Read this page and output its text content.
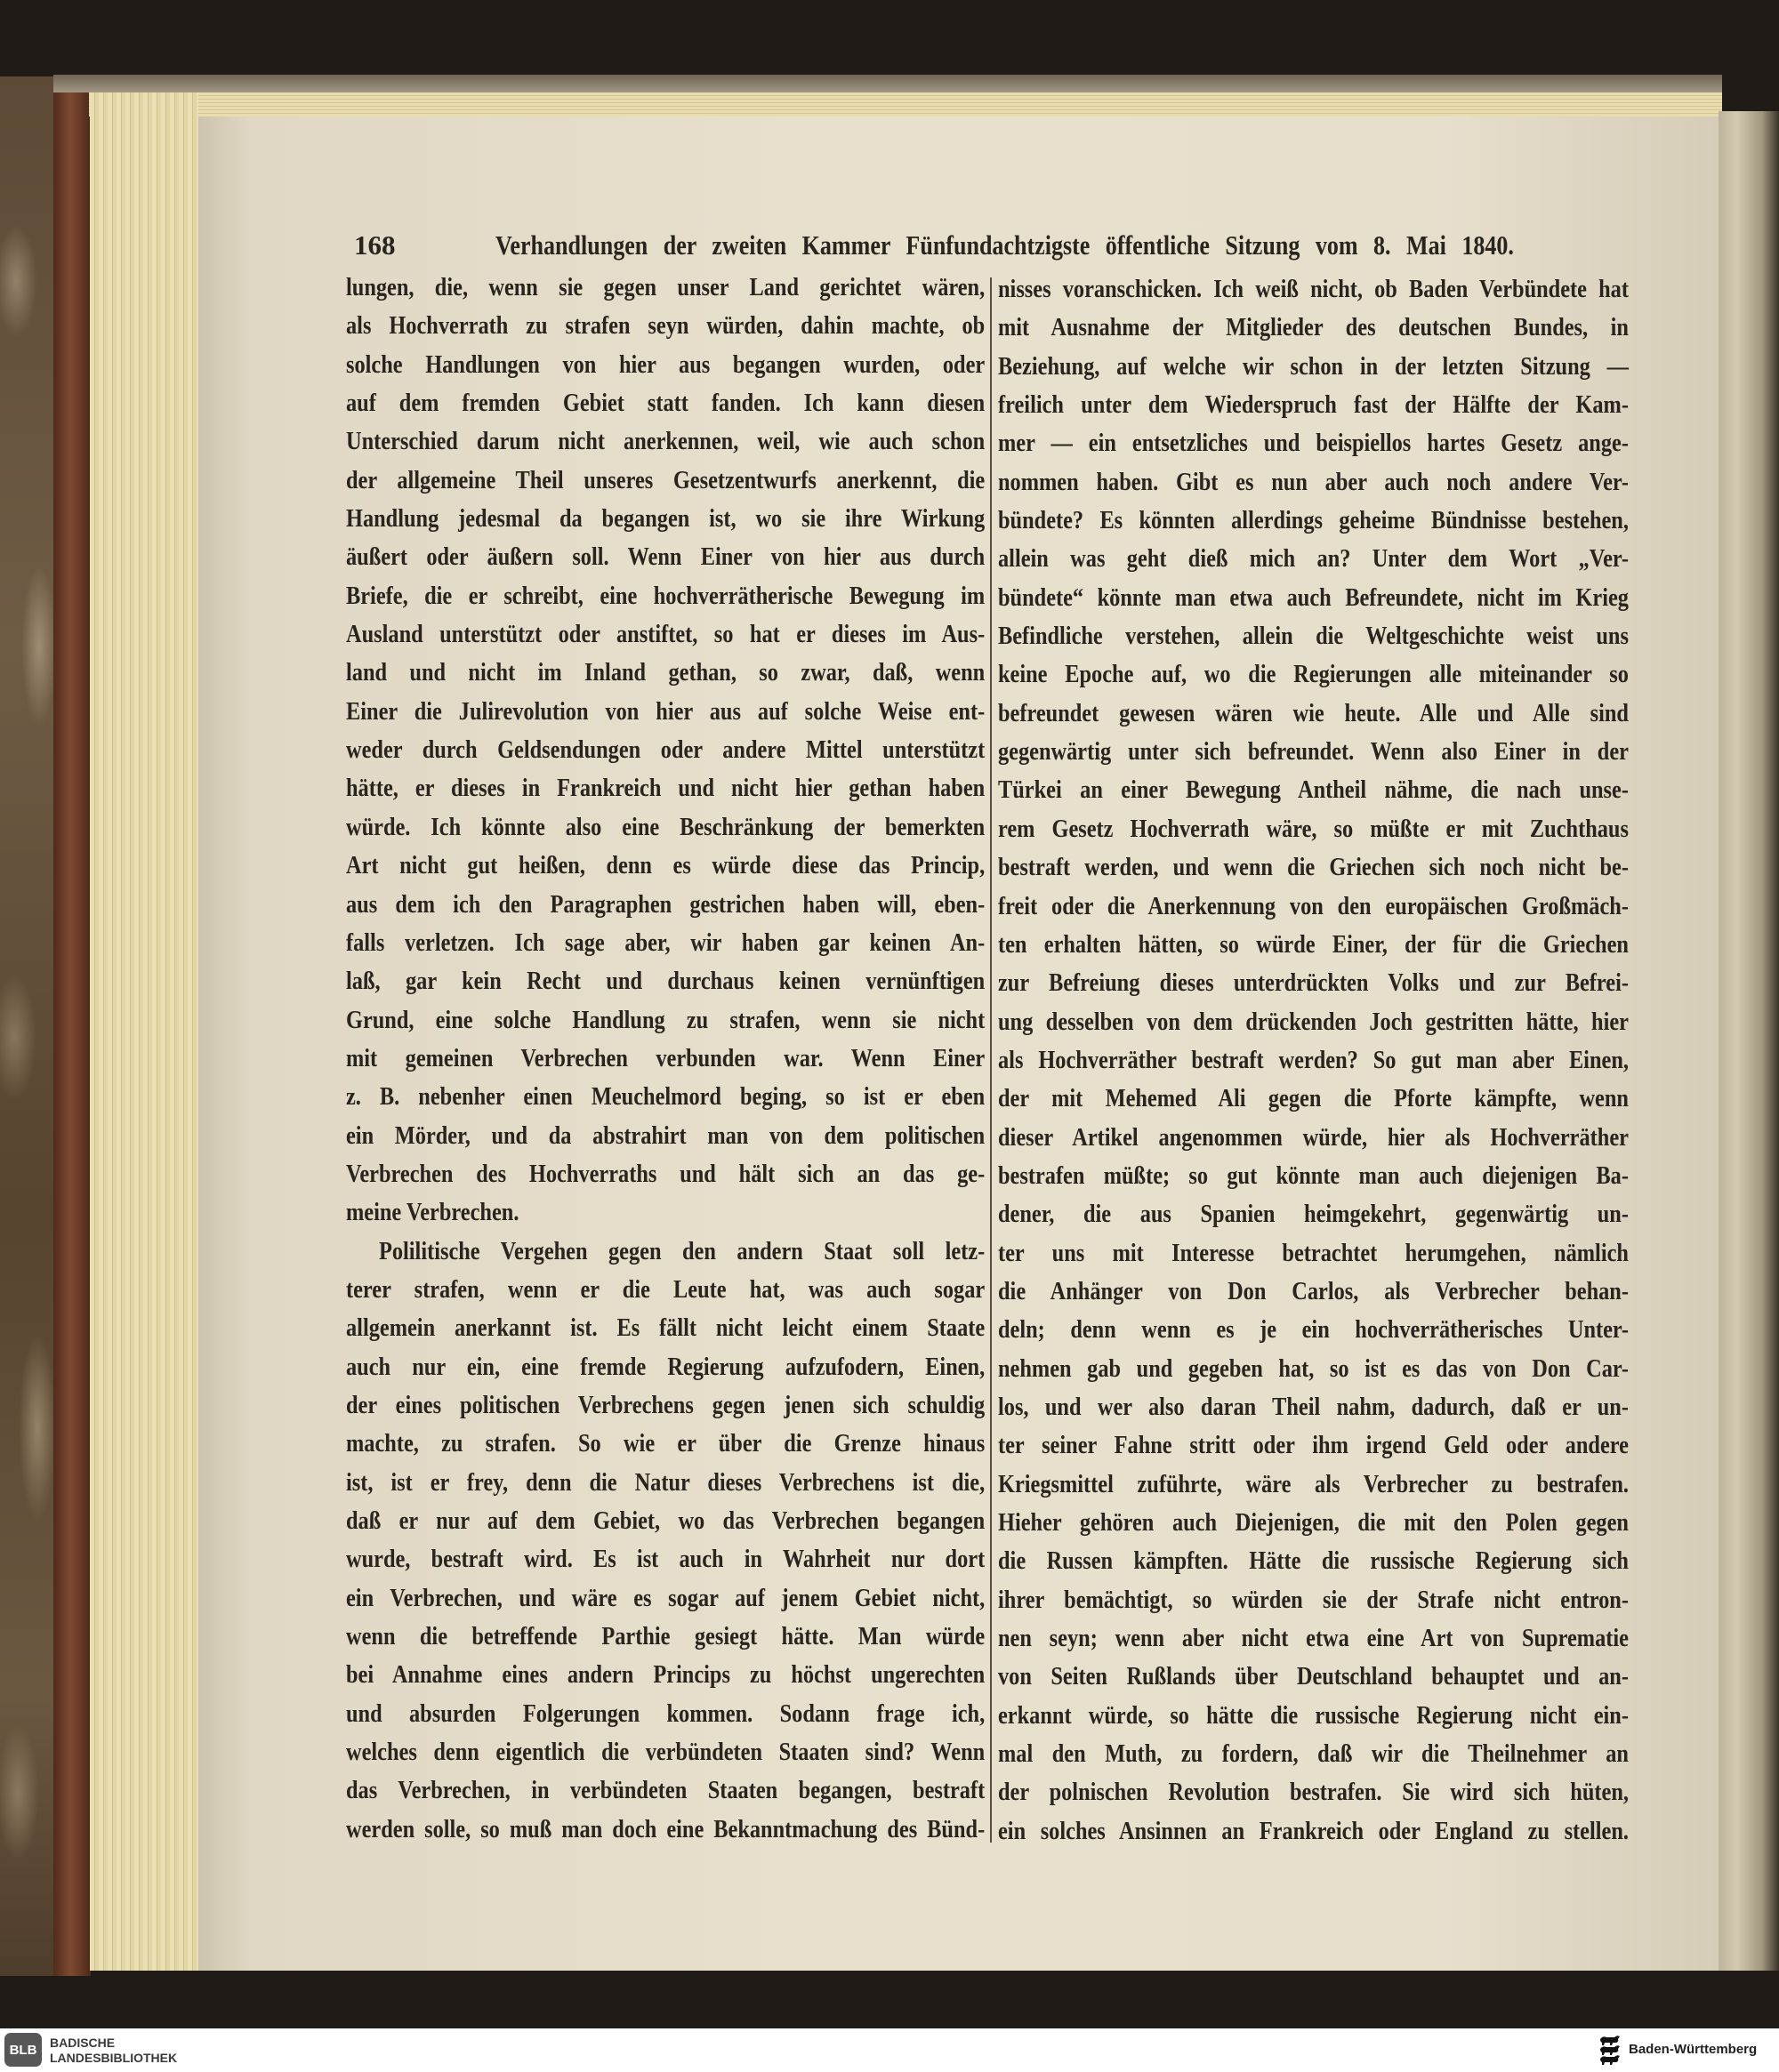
168	Verhandlungen der zweiten Kammer Fünfundachtzigste öffentliche Sitzung vom 8. Mai 1840.
lungen, die, wenn sie gegen unser Land gerichtet wären,
als Hochverrath zu strafen seyn würden, dahin machte, ob
solche Handlungen von hier aus begangen wurden, oder
auf dem fremden Gebiet statt fanden. Ich kann diesen
Unterschied darum nicht anerkennen, weil, wie auch schon
der allgemeine Theil unseres Gesetzentwurfs anerkennt, die
Handlung jedesmal da begangen ist, wo sie ihre Wirkung
äußert oder äußern soll. Wenn Einer von hier aus durch
Briefe, die er schreibt, eine hochverrätherische Bewegung im
Ausland unterstützt oder anstiftet, so hat er dieses im Aus-
land und nicht im Inland gethan, so zwar, daß, wenn
Einer die Julirevolution von hier aus auf solche Weise ent-
weder durch Geldsendungen oder andere Mittel unterstützt
hätte, er dieses in Frankreich und nicht hier gethan haben
würde. Ich könnte also eine Beschränkung der bemerkten
Art nicht gut heißen, denn es würde diese das Princip,
aus dem ich den Paragraphen gestrichen haben will, eben-
falls verletzen. Ich sage aber, wir haben gar keinen An-
laß, gar kein Recht und durchaus keinen vernünftigen
Grund, eine solche Handlung zu strafen, wenn sie nicht
mit gemeinen Verbrechen verbunden war. Wenn Einer
z. B. nebenher einen Meuchelmord beging, so ist er eben
ein Mörder, und da abstrahirt man von dem politischen
Verbrechen des Hochverraths und hält sich an das ge-
meine Verbrechen.
Polilitische Vergehen gegen den andern Staat soll letz-
terer strafen, wenn er die Leute hat, was auch sogar
allgemein anerkannt ist. Es fällt nicht leicht einem Staate
auch nur ein, eine fremde Regierung aufzufodern, Einen,
der eines politischen Verbrechens gegen jenen sich schuldig
machte, zu strafen. So wie er über die Grenze hinaus
ist, ist er frey, denn die Natur dieses Verbrechens ist die,
daß er nur auf dem Gebiet, wo das Verbrechen begangen
wurde, bestraft wird. Es ist auch in Wahrheit nur dort
ein Verbrechen, und wäre es sogar auf jenem Gebiet nicht,
wenn die betreffende Parthie gesiegt hätte. Man würde
bei Annahme eines andern Princips zu höchst ungerechten
und absurden Folgerungen kommen. Sodann frage ich,
welches denn eigentlich die verbündeten Staaten sind? Wenn
das Verbrechen, in verbündeten Staaten begangen, bestraft
werden solle, so muß man doch eine Bekanntmachung des Bünd-
nisses voranschicken. Ich weiß nicht, ob Baden Verbündete hat
mit Ausnahme der Mitglieder des deutschen Bundes, in
Beziehung, auf welche wir schon in der letzten Sitzung —
freilich unter dem Wiederspruch fast der Hälfte der Kam-
mer — ein entsetzliches und beispiellos hartes Gesetz ange-
nommen haben. Gibt es nun aber auch noch andere Ver-
bündete? Es könnten allerdings geheime Bündnisse bestehen,
allein was geht dieß mich an? Unter dem Wort „Ver-
bündete“ könnte man etwa auch Befreundete, nicht im Krieg
Befindliche verstehen, allein die Weltgeschichte weist uns
keine Epoche auf, wo die Regierungen alle miteinander so
befreundet gewesen wären wie heute. Alle und Alle sind
gegenwärtig unter sich befreundet. Wenn also Einer in der
Türkei an einer Bewegung Antheil nähme, die nach unse-
rem Gesetz Hochverrath wäre, so müßte er mit Zuchthaus
bestraft werden, und wenn die Griechen sich noch nicht be-
freit oder die Anerkennung von den europäischen Großmäch-
ten erhalten hätten, so würde Einer, der für die Griechen
zur Befreiung dieses unterdrückten Volks und zur Befrei-
ung desselben von dem drückenden Joch gestritten hätte, hier
als Hochverräther bestraft werden? So gut man aber Einen,
der mit Mehemed Ali gegen die Pforte kämpfte, wenn
dieser Artikel angenommen würde, hier als Hochverräther
bestrafen müßte; so gut könnte man auch diejenigen Ba-
dener, die aus Spanien heimgekehrt, gegenwärtig un-
ter uns mit Interesse betrachtet herumgehen, nämlich
die Anhänger von Don Carlos, als Verbrecher behan-
deln; denn wenn es je ein hochverrätherisches Unter-
nehmen gab und gegeben hat, so ist es das von Don Car-
los, und wer also daran Theil nahm, dadurch, daß er un-
ter seiner Fahne stritt oder ihm irgend Geld oder andere
Kriegsmittel zuführte, wäre als Verbrecher zu bestrafen.
Hieher gehören auch Diejenigen, die mit den Polen gegen
die Russen kämpften. Hätte die russische Regierung sich
ihrer bemächtigt, so würden sie der Strafe nicht entron-
nen seyn; wenn aber nicht etwa eine Art von Suprematie
von Seiten Rußlands über Deutschland behauptet und an-
erkannt würde, so hätte die russische Regierung nicht ein-
mal den Muth, zu fordern, daß wir die Theilnehmer an
der polnischen Revolution bestrafen. Sie wird sich hüten,
ein solches Ansinnen an Frankreich oder England zu stellen.
BLB BADISCHE
LANDESBIBLIOTHEK
Baden-Württemberg
